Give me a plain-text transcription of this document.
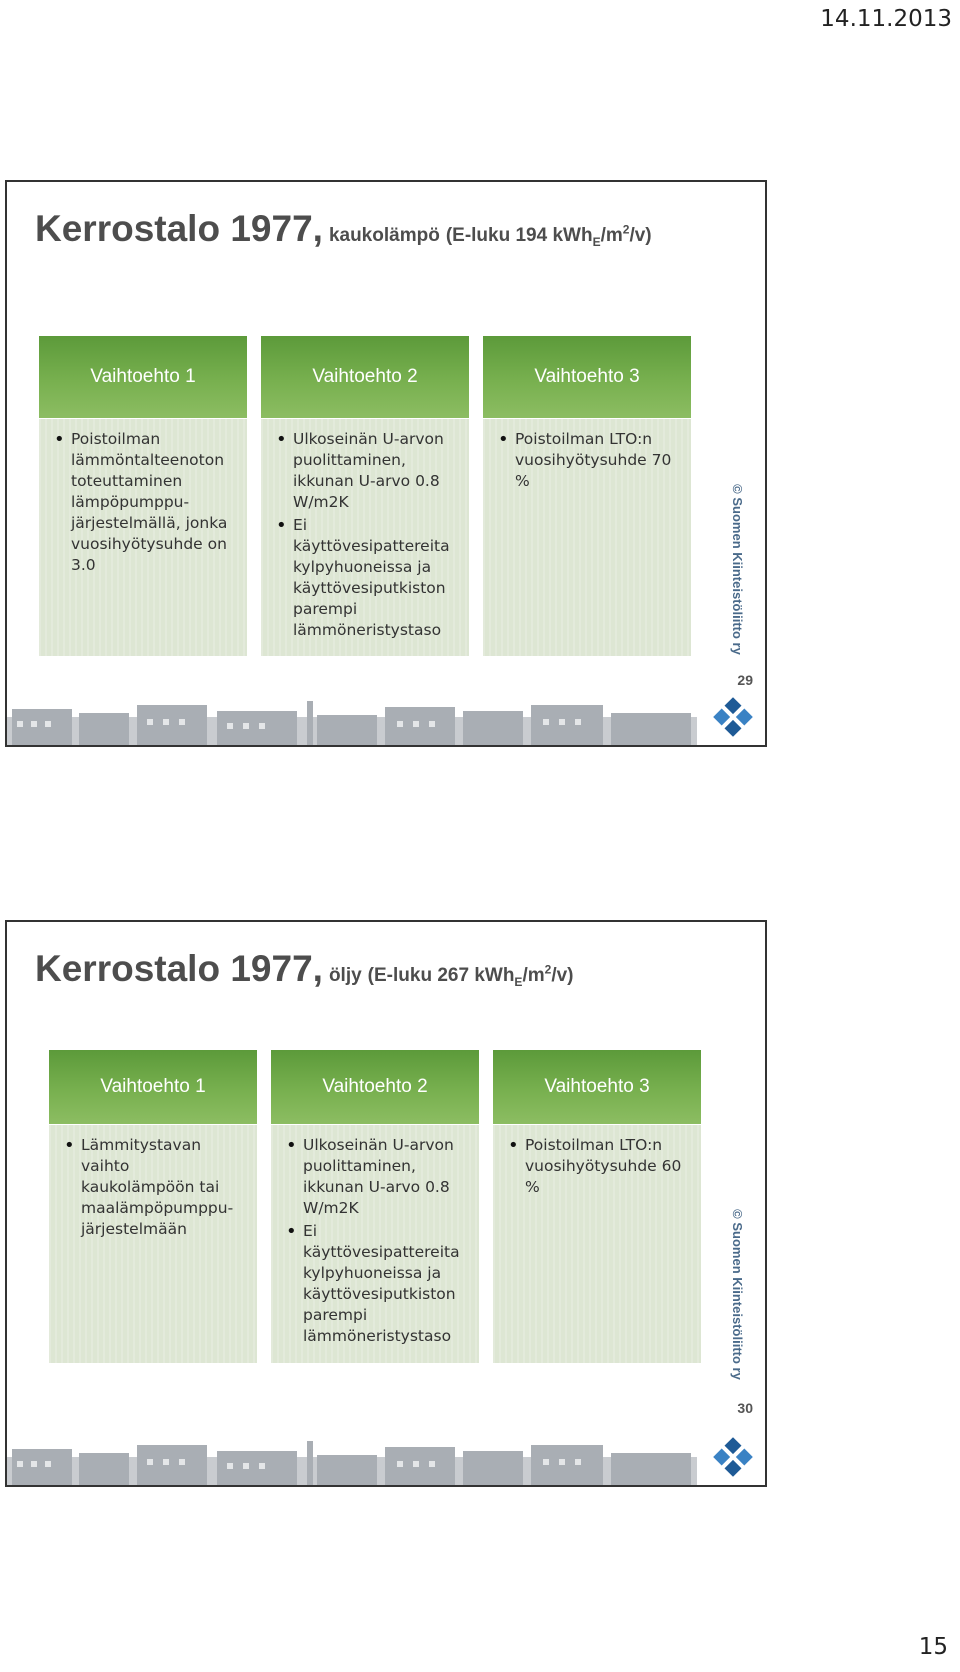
14.11.2013
Kerrostalo 1977, kaukolämpö (E-luku 194 $kWh_E/m^2/v$)
Vaihtoehto 1
• Poistoilman lämmöntalteenoton toteuttaminen lämpöpumppu-järjestelmällä, jonka vuosihyötysuhde on 3.0
Vaihtoehto 2
• Ulkoseinän U-arvon puolittaminen, ikkunan U-arvo 0.8 W/m2K
• Ei käyttövesipattereita kylpyhuoneissa ja käyttövesiputkiston parempi lämmöneristystaso
Vaihtoehto 3
• Poistoilman LTO:n vuosihyötysuhde 70 %
© Suomen Kiinteistöliitto ry
29
Kerrostalo 1977, öljy (E-luku 267 $kWh_E/m^2/v$)
Vaihtoehto 1
• Lämmitystavan vaihto kaukolämpöön tai maalämpöpumppu-järjestelmään
Vaihtoehto 2
• Ulkoseinän U-arvon puolittaminen, ikkunan U-arvo 0.8 W/m2K
• Ei käyttövesipattereita kylpyhuoneissa ja käyttövesiputkiston parempi lämmöneristystaso
Vaihtoehto 3
• Poistoilman LTO:n vuosihyötysuhde 60 %
© Suomen Kiinteistöliitto ry
30
15
